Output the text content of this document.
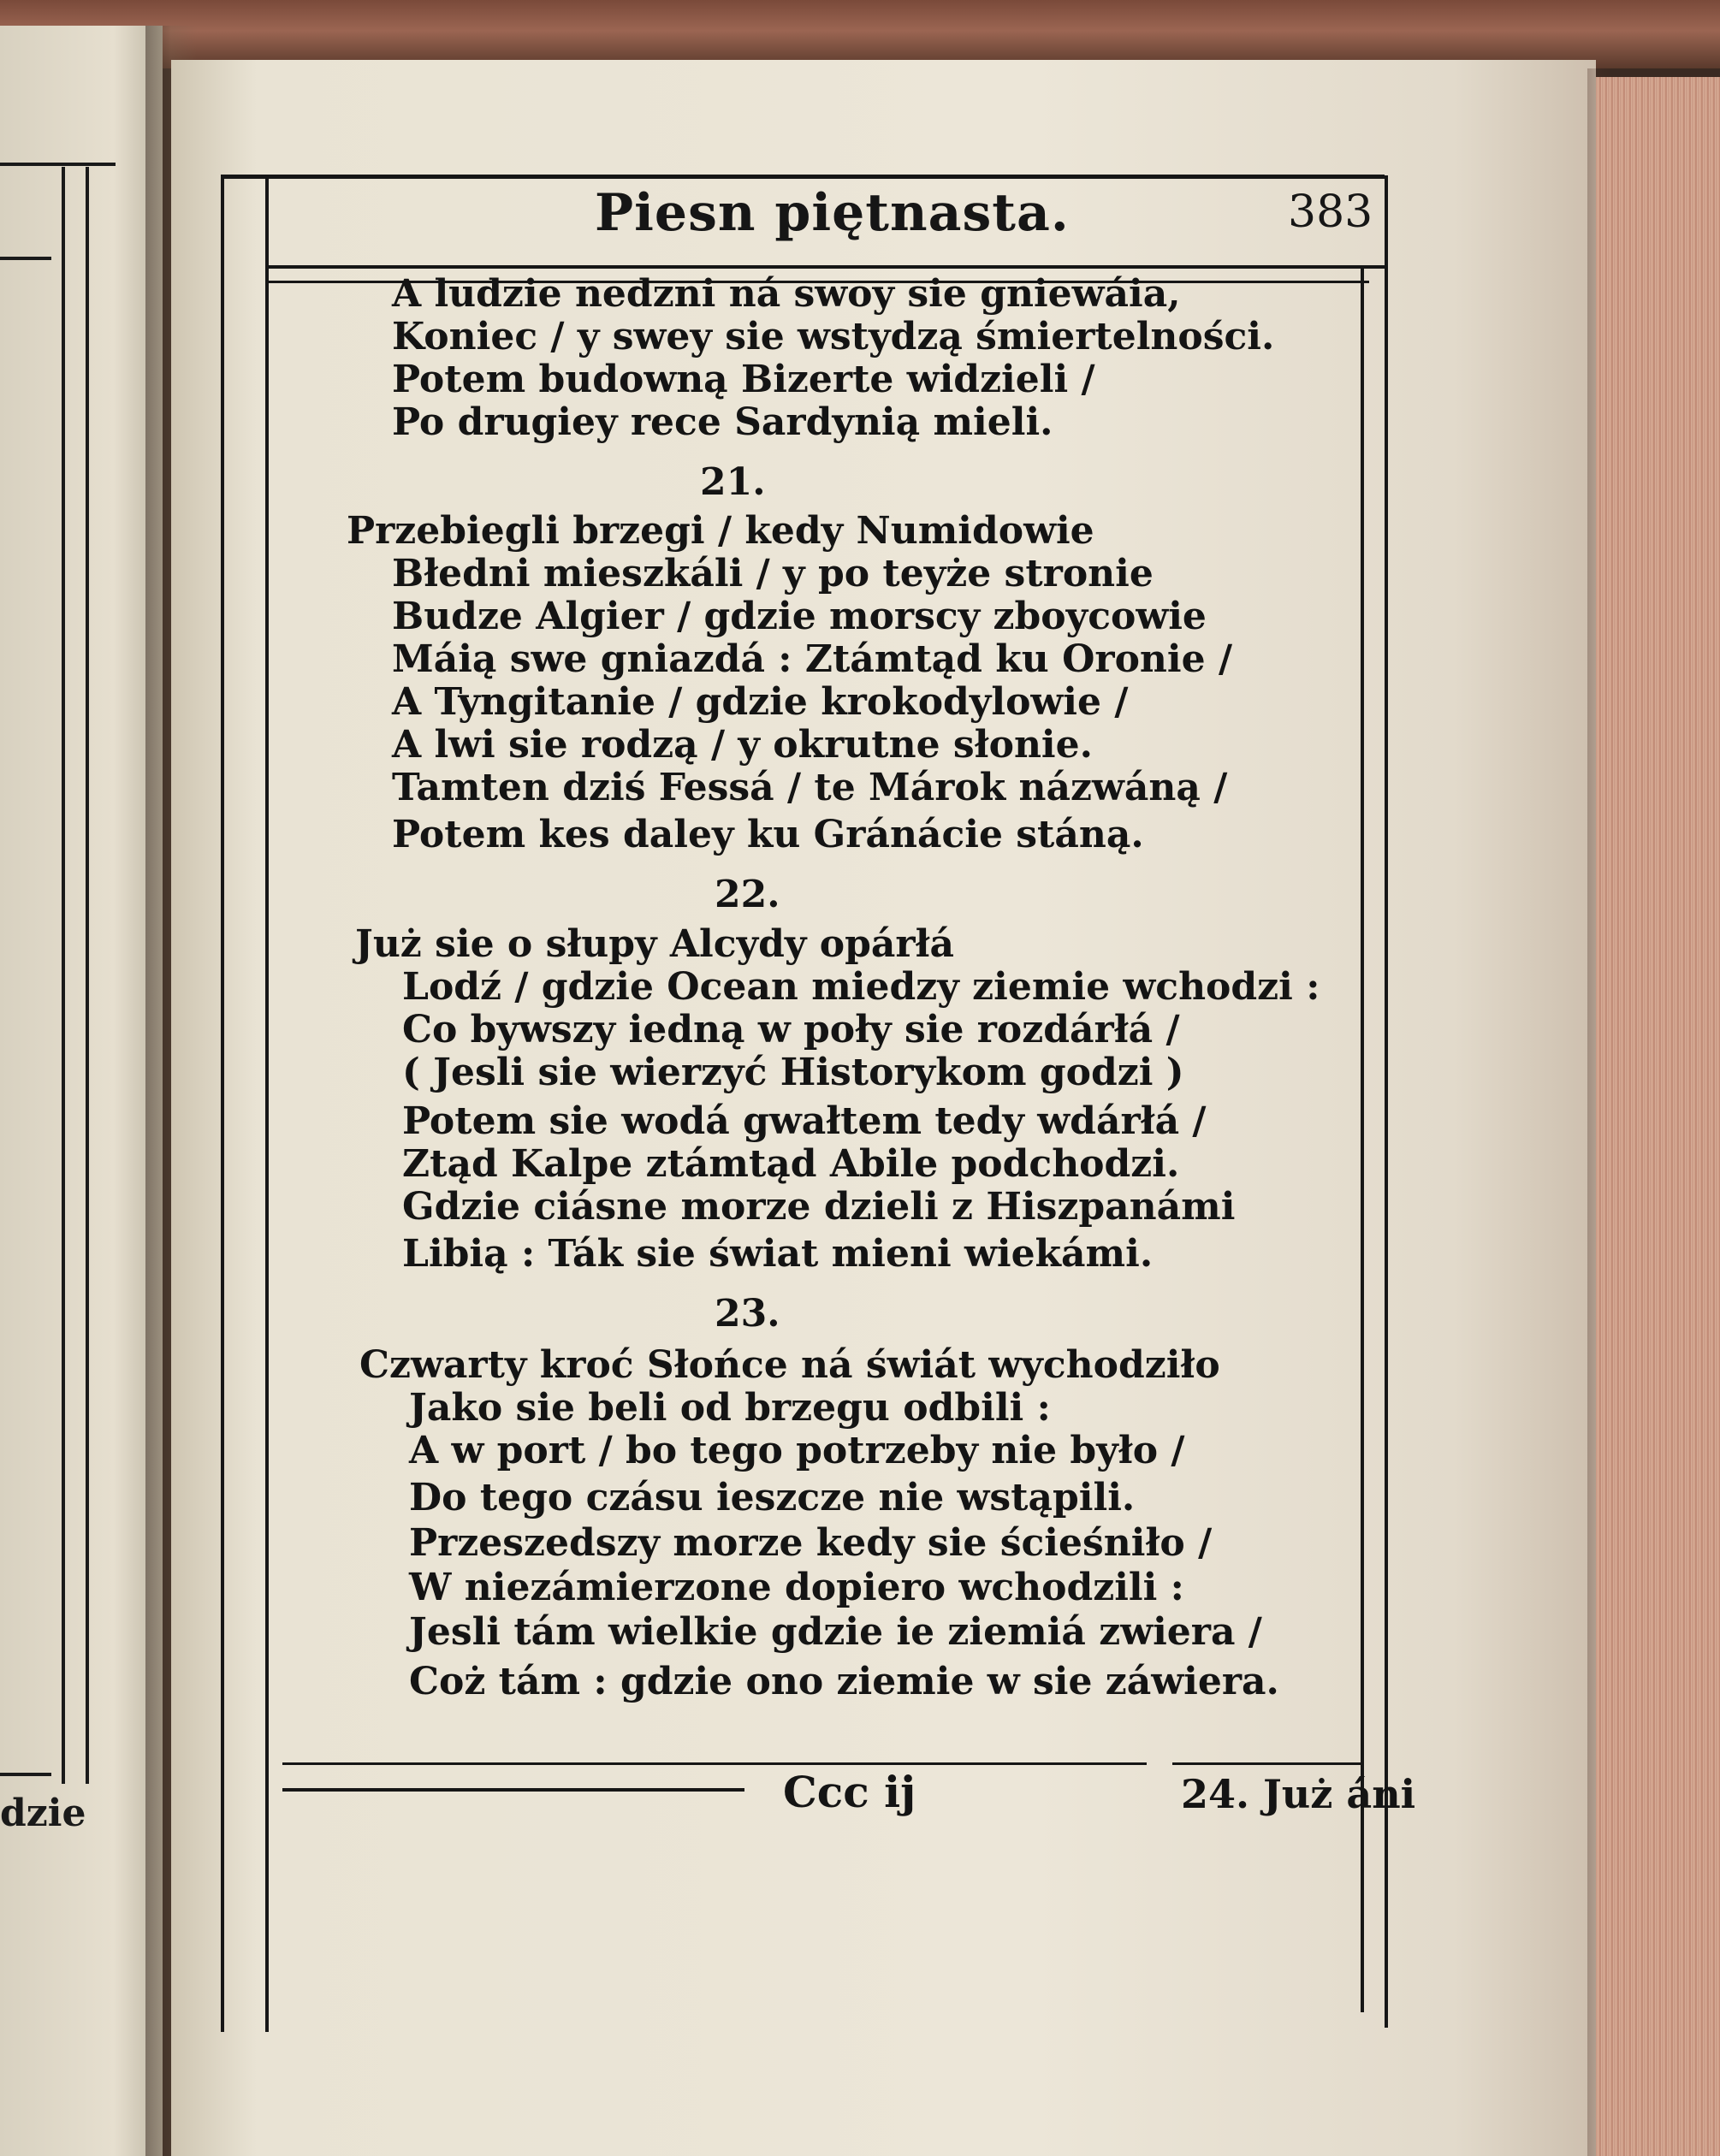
dzie
Piesn piętnasta.	383
A ludzie nedzni ná swoy sie gniewáia,
Koniec / y swey sie wstydzą śmiertelności.
Potem budowną Bizerte widzieli /
Po drugiey rece Sardynią mieli.
21.
Przebiegli brzegi / kedy Numidowie
Błedni mieszkáli / y po teyże stronie
Budze Algier / gdzie morscy zboycowie
Máią swe gniazdá : Ztámtąd ku Oronie /
A Tyngitanie / gdzie krokodylowie /
A lwi sie rodzą / y okrutne słonie.
Tamten dziś Fessá / te Márok názwáną /
Potem kes daley ku Gránácie stáną.
22.
Już sie o słupy Alcydy opárłá
Lodź / gdzie Ocean miedzy ziemie wchodzi :
Co bywszy iedną w poły sie rozdárłá /
( Jesli sie wierzyć Historykom godzi )
Potem sie wodá gwałtem tedy wdárłá /
Ztąd Kalpe ztámtąd Abile podchodzi.
Gdzie ciásne morze dzieli z Hiszpanámi
Libią : Ták sie świat mieni wiekámi.
23.
Czwarty kroć Słońce ná świát wychodziło
Jako sie beli od brzegu odbili :
A w port / bo tego potrzeby nie było /
Do tego czásu ieszcze nie wstąpili.
Przeszedszy morze kedy sie ścieśniło /
W niezámierzone dopiero wchodzili :
Jesli tám wielkie gdzie ie ziemiá zwiera /
Coż tám : gdzie ono ziemie w sie záwiera.
Ccc ij	24. Już áni
